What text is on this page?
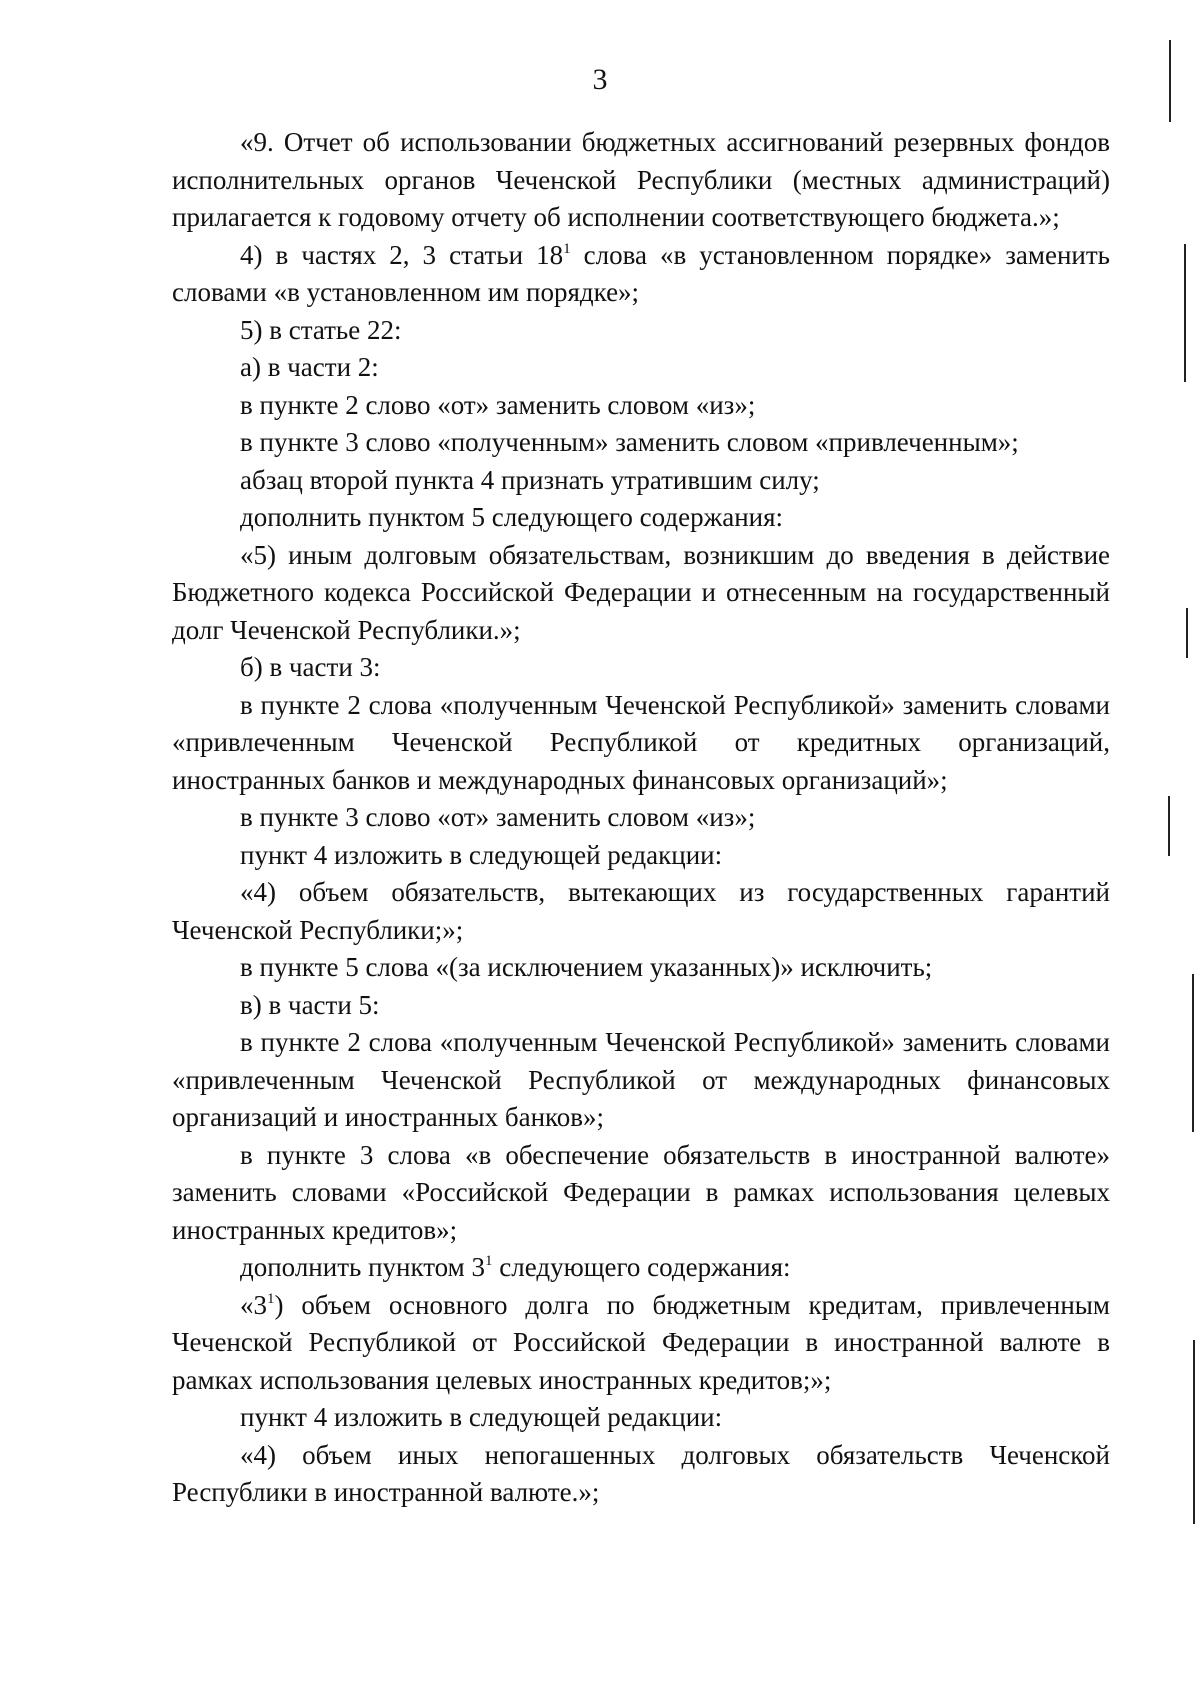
3

«9. Отчет об использовании бюджетных ассигнований резервных фондов исполнительных органов Чеченской Республики (местных администраций) прилагается к годовому отчету об исполнении соответствующего бюджета.»;

4) в частях 2, 3 статьи $18^1$ слова «в установленном порядке» заменить словами «в установленном им порядке»;

5) в статье 22:

а) в части 2:

в пункте 2 слово «от» заменить словом «из»;

в пункте 3 слово «полученным» заменить словом «привлеченным»;

абзац второй пункта 4 признать утратившим силу;

дополнить пунктом 5 следующего содержания:

«5) иным долговым обязательствам, возникшим до введения в действие Бюджетного кодекса Российской Федерации и отнесенным на государственный долг Чеченской Республики.»;

б) в части 3:

в пункте 2 слова «полученным Чеченской Республикой» заменить словами «привлеченным Чеченской Республикой от кредитных организаций, иностранных банков и международных финансовых организаций»;

в пункте 3 слово «от» заменить словом «из»;

пункт 4 изложить в следующей редакции:

«4) объем обязательств, вытекающих из государственных гарантий Чеченской Республики;»;

в пункте 5 слова «(за исключением указанных)» исключить;

в) в части 5:

в пункте 2 слова «полученным Чеченской Республикой» заменить словами «привлеченным Чеченской Республикой от международных финансовых организаций и иностранных банков»;

в пункте 3 слова «в обеспечение обязательств в иностранной валюте» заменить словами «Российской Федерации в рамках использования целевых иностранных кредитов»;

дополнить пунктом $3^1$ следующего содержания:

«$3^1$) объем основного долга по бюджетным кредитам, привлеченным Чеченской Республикой от Российской Федерации в иностранной валюте в рамках использования целевых иностранных кредитов;»;

пункт 4 изложить в следующей редакции:

«4) объем иных непогашенных долговых обязательств Чеченской Республики в иностранной валюте.»;
